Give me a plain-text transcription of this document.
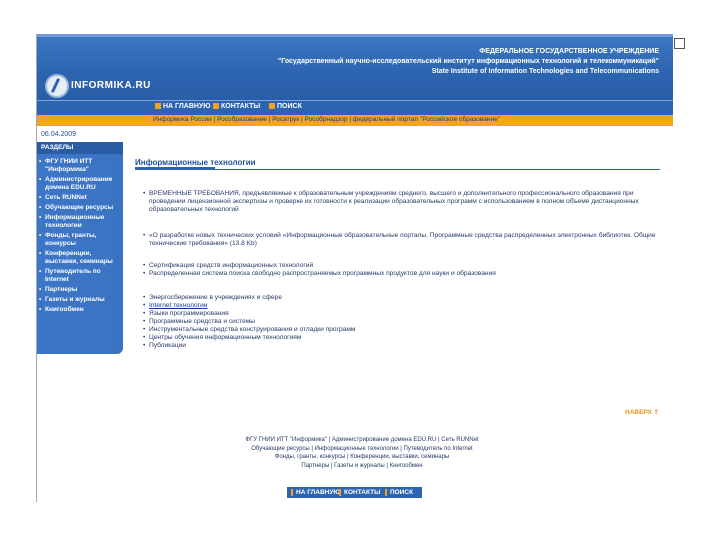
INFORMIKA.RU
ФЕДЕРАЛЬНОЕ ГОСУДАРСТВЕННОЕ УЧРЕЖДЕНИЕ
"Государственный научно-исследовательский институт информационных технологий и телекоммуникаций"
State Institute of Information Technologies and Telecommunications
НА ГЛАВНУЮ	КОНТАКТЫ	ПОИСК
Информика России | Рособразование | Росатрук | Рособрнадзор | федеральный портал "Российское образование"
06.04.2009
РАЗДЕЛЫ
• ФГУ ГНИИ ИТТ "Информика"
• Администрирование домена EDU.RU
• Сеть RUNNet
• Обучающие ресурсы
• Информационные технологии
• Фонды, гранты, конкурсы
• Конференции, выставки, семинары
• Путеводитель по Internet
• Партнеры
• Газеты и журналы
• Книгообмен
Информационные технологии
• ВРЕМЕННЫЕ ТРЕБОВАНИЯ, предъявляемые к образовательным учреждениям среднего, высшего и дополнительного профессионального образования при проведении лицензионной экспертизы и проверке их готовности к реализации образовательных программ с использованием в полном объеме дистанционных образовательных технологий
• «О разработке новых технических условий «Информационные образовательные порталы. Программные средства распределенных электронных библиотек. Общие технические требования» (13.8 Kb)
• Сертификация средств информационных технологий
• Распределенная система поиска свободно распространяемых программных продуктов для науки и образования
• Энергосбережение в учреждениях и сфере
• Internet технологии
• Языки программирования
• Программные средства и системы
• Инструментальные средства конструирования и отладки программ
• Центры обучения информационным технологиям
• Публикации
НАВЕРХ ⇑
ФГУ ГНИИ ИТТ "Информика" | Администрирование домена EDU.RU | Сеть RUNNet
Обучающие ресурсы | Информационные технологии | Путеводитель по Internet
Фонды, гранты, конкурсы | Конференции, выставки, семинары
Партнеры | Газеты и журналы | Книгообмен
НА ГЛАВНУЮ КОНТАКТЫ	ПОИСК
